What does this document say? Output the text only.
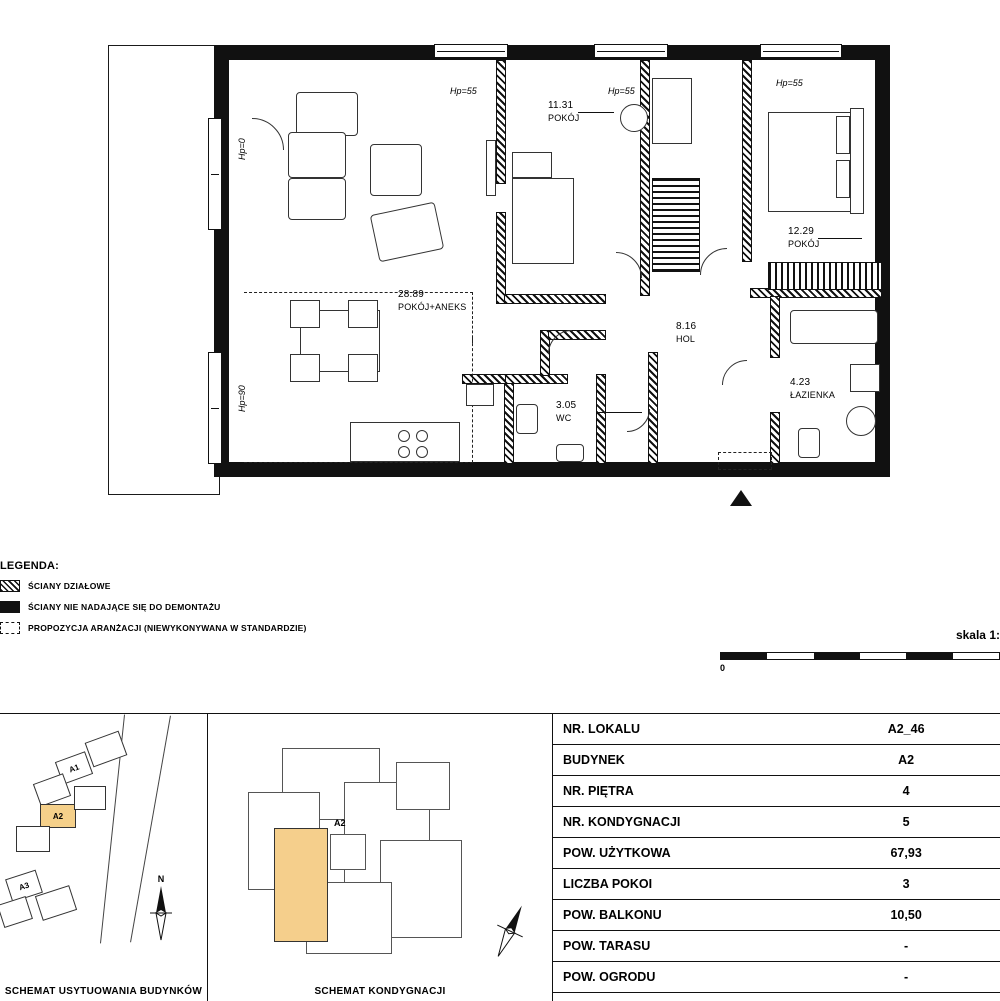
Hp=55	Hp=55
Hp=55
Hp=0
Hp=90
28.89
POKÓJ+ANEKS
11.31
POKÓJ
12.29
POKÓJ
8.16
HOL
4.23
ŁAZIENKA
3.05
WC
LEGENDA:
ŚCIANY DZIAŁOWE
ŚCIANY NIE NADAJĄCE SIĘ DO DEMONTAŻU
PROPOZYCJA ARANŻACJI (NIEWYKONYWANA W STANDARDZIE)	skala 1:
0
A1
A2
A3
N
SCHEMAT USYTUOWANIA BUDYNKÓW
A2
SCHEMAT KONDYGNACJI
NR. LOKALU	A2_46
BUDYNEK	A2
NR. PIĘTRA	4
NR. KONDYGNACJI	5
POW. UŻYTKOWA	67,93
LICZBA POKOI	3
POW. BALKONU	10,50
POW. TARASU	-
POW. OGRODU	-
